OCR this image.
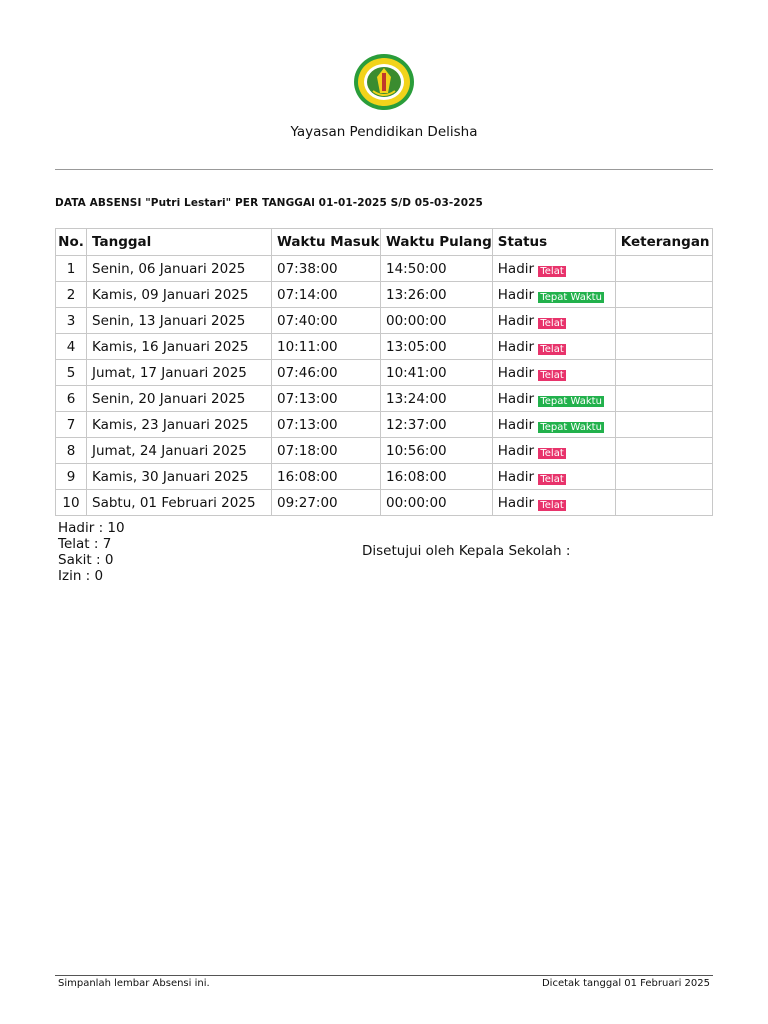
Yayasan Pendidikan Delisha
DATA ABSENSI "Putri Lestari" PER TANGGAl 01-01-2025 S/D 05-03-2025
No.	Tanggal	Waktu Masuk	Waktu Pulang	Status	Keterangan
1	Senin, 06 Januari 2025	07:38:00	14:50:00	Hadir Telat	
2	Kamis, 09 Januari 2025	07:14:00	13:26:00	Hadir Tepat Waktu	
3	Senin, 13 Januari 2025	07:40:00	00:00:00	Hadir Telat	
4	Kamis, 16 Januari 2025	10:11:00	13:05:00	Hadir Telat	
5	Jumat, 17 Januari 2025	07:46:00	10:41:00	Hadir Telat	
6	Senin, 20 Januari 2025	07:13:00	13:24:00	Hadir Tepat Waktu	
7	Kamis, 23 Januari 2025	07:13:00	12:37:00	Hadir Tepat Waktu	
8	Jumat, 24 Januari 2025	07:18:00	10:56:00	Hadir Telat	
9	Kamis, 30 Januari 2025	16:08:00	16:08:00	Hadir Telat	
10	Sabtu, 01 Februari 2025	09:27:00	00:00:00	Hadir Telat	
Hadir : 10
Telat : 7
Sakit : 0
Izin : 0
Disetujui oleh Kepala Sekolah :
Simpanlah lembar Absensi ini.	Dicetak tanggal 01 Februari 2025
